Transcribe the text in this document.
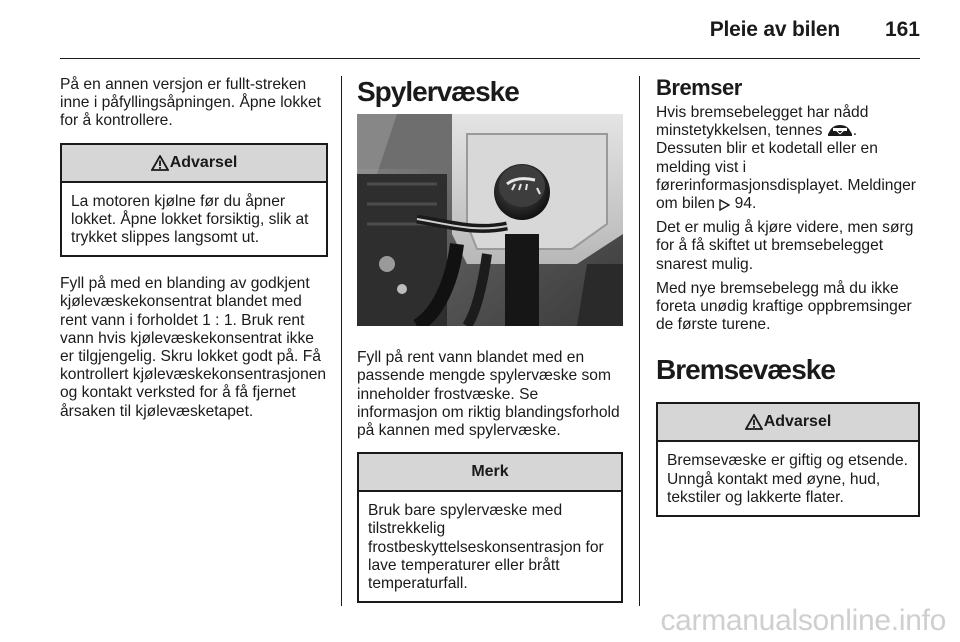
Pleie av bilen 161

På en annen versjon er fullt-streken inne i påfyllingsåpningen. Åpne lokket for å kontrollere.

Advarsel
La motoren kjølne før du åpner lokket. Åpne lokket forsiktig, slik at trykket slippes langsomt ut.

Fyll på med en blanding av godkjent kjølevæskekonsentrat blandet med rent vann i forholdet 1 : 1. Bruk rent vann hvis kjølevæskekonsentrat ikke er tilgjengelig. Skru lokket godt på. Få kontrollert kjølevæskekonsentrasjonen og kontakt verksted for å få fjernet årsaken til kjølevæsketapet.

Spylervæske

Fyll på rent vann blandet med en passende mengde spylervæske som inneholder frostvæske. Se informasjon om riktig blandingsforhold på kannen med spylervæske.

Merk
Bruk bare spylervæske med tilstrekkelig frostbeskyttelseskonsentrasjon for lave temperaturer eller brått temperaturfall.
Bremser

Hvis bremsebelegget har nådd minstetykkelsen, tennes . Dessuten blir et kodetall eller en melding vist i førerinformasjonsdisplayet. Meldinger om bilen 94.

Det er mulig å kjøre videre, men sørg for å få skiftet ut bremsebelegget snarest mulig.

Med nye bremsebelegg må du ikke foreta unødig kraftige oppbremsinger de første turene.

Bremsevæske
Advarsel
Bremsevæske er giftig og etsende. Unngå kontakt med øyne, hud, tekstiler og lakkerte flater.
carmanualsonline.info
